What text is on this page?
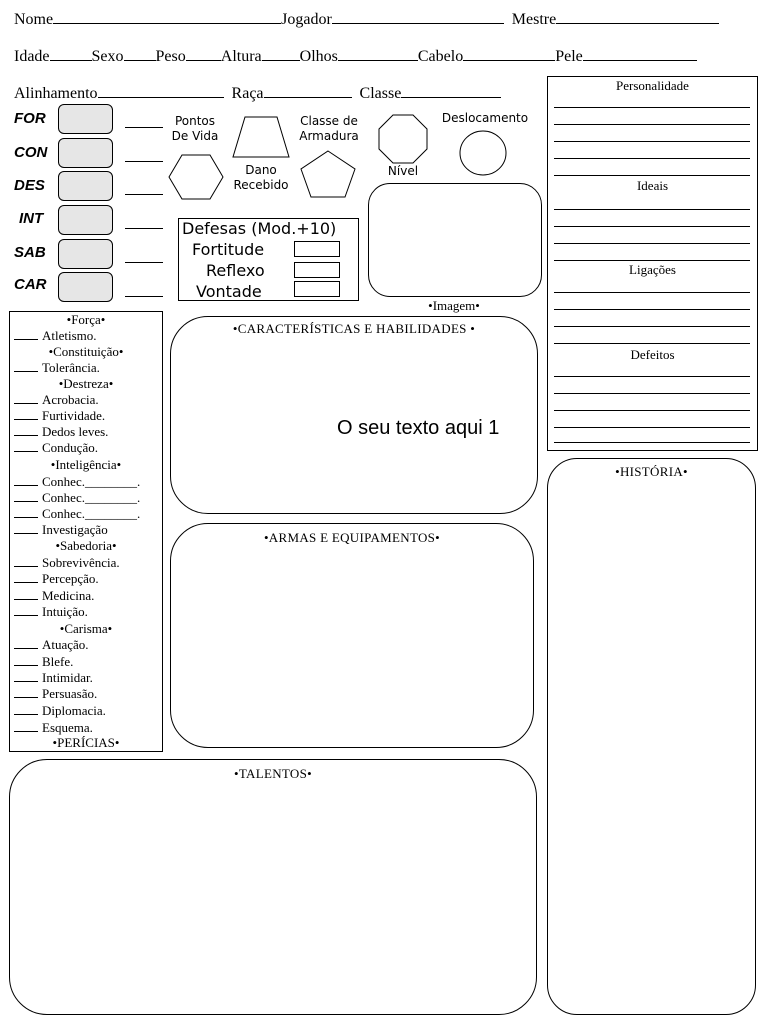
Nome	Jogador	Mestre
Idade	Sexo Peso Altura Olhos	Cabelo	Pele
Alinhamento	Raça	Classe
FOR
CON
DES
INT
SAB
CAR
Pontos
De Vida
Dano
Recebido
Classe de
Armadura
Nível
Deslocamento
Defesas (Mod.+10)
Fortitude
Reflexo
Vontade
•Imagem•
•Força•
Atletismo.
•Constituição•
Tolerância.
•Destreza•
Acrobacia.
Furtividade.
Dedos leves.
Condução.
•Inteligência•
Conhec.________.
Conhec.________.
Conhec.________.
Investigação
•Sabedoria•
Sobrevivência.
Percepção.
Medicina.
Intuição.
•Carisma•
Atuação.
Blefe.
Intimidar.
Persuasão.
Diplomacia.
Esquema.
•PERÍCIAS•
•CARACTERÍSTICAS E HABILIDADES •
O seu texto aqui 1
•ARMAS E EQUIPAMENTOS•
•TALENTOS•
Personalidade
Ideais
Ligações
Defeitos
•HISTÓRIA•
